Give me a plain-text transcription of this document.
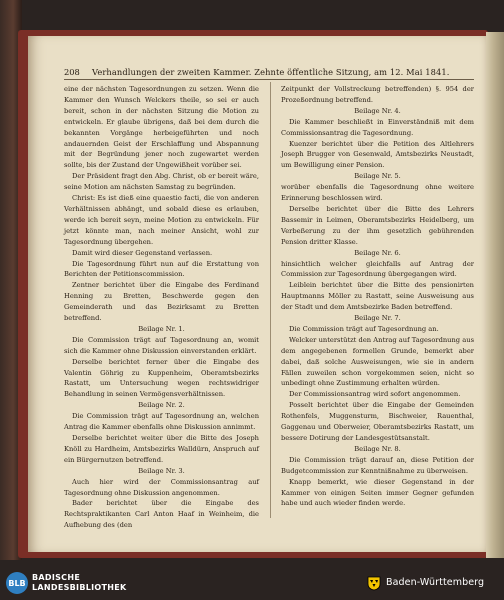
208 Verhandlungen der zweiten Kammer. Zehnte öffentliche Sitzung, am 12. Mai 1841.

eine der nächsten Tagesordnungen zu setzen. Wenn die Kammer den Wunsch Welckers theile, so sei er auch bereit, schon in der nächsten Sitzung die Motion zu entwickeln. Er glaube übrigens, daß bei dem durch die bekannten Vorgänge herbeigeführten und noch andauernden Geist der Erschlaffung und Abspannung mit der Begründung jener noch zugewartet werden sollte, bis der Zustand der Ungewißheit vorüber sei.

Der Präsident fragt den Abg. Christ, ob er bereit wäre, seine Motion am nächsten Samstag zu begründen.

Christ: Es ist dieß eine quaestio facti, die von anderen Verhältnissen abhängt, und sobald diese es erlauben, werde ich bereit seyn, meine Motion zu entwickeln. Für jetzt könnte man, nach meiner Ansicht, wohl zur Tagesordnung übergehen.

Damit wird dieser Gegenstand verlassen.

Die Tagesordnung führt nun auf die Erstattung von Berichten der Petitionscommission.

Zentner berichtet über die Eingabe des Ferdinand Henning zu Bretten, Beschwerde gegen den Gemeinderath und das Bezirksamt zu Bretten betreffend.

Beilage Nr. 1.

Die Commission trägt auf Tagesordnung an, womit sich die Kammer ohne Diskussion einverstanden erklärt.

Derselbe berichtet ferner über die Eingabe des Valentin Göhrig zu Kuppenheim, Oberamtsbezirks Rastatt, um Untersuchung wegen rechtswidriger Behandlung in seinen Vermögensverhältnissen.

Beilage Nr. 2.

Die Commission trägt auf Tagesordnung an, welchen Antrag die Kammer ebenfalls ohne Diskussion annimmt.

Derselbe berichtet weiter über die Bitte des Joseph Knöll zu Hardheim, Amtsbezirks Walldürn, Anspruch auf ein Bürgernutzen betreffend.

Beilage Nr. 3.

Auch hier wird der Commissionsantrag auf Tagesordnung ohne Diskussion angenommen.

Bader berichtet über die Eingabe des Rechtspraktikanten Carl Anton Haaf in Weinheim, die Aufhebung des (den

Zeitpunkt der Vollstreckung betreffenden) §. 954 der Prozeßordnung betreffend.

Beilage Nr. 4.

Die Kammer beschließt in Einverständniß mit dem Commissionsantrag die Tagesordnung.

Kuenzer berichtet über die Petition des Altlehrers Joseph Brugger von Gesenwald, Amtsbezirks Neustadt, um Bewilligung einer Pension.

Beilage Nr. 5.

worüber ebenfalls die Tagesordnung ohne weitere Erinnerung beschlossen wird.

Derselbe berichtet über die Bitte des Lehrers Bassemir in Leimen, Oberamtsbezirks Heidelberg, um Verbeßerung zu der ihm gesetzlich gebührenden Pension dritter Klasse.

Beilage Nr. 6.

hinsichtlich welcher gleichfalls auf Antrag der Commission zur Tagesordnung übergegangen wird.

Leiblein berichtet über die Bitte des pensionirten Hauptmanns Möller zu Rastatt, seine Ausweisung aus der Stadt und dem Amtsbezirke Baden betreffend.

Beilage Nr. 7.

Die Commission trägt auf Tagesordnung an.

Welcker unterstützt den Antrag auf Tagesordnung aus dem angegebenen formellen Grunde, bemerkt aber dabei, daß solche Ausweisungen, wie sie in andern Fällen zuweilen schon vorgekommen seien, nicht so unbedingt ohne Zustimmung erhalten würden.

Der Commissionsantrag wird sofort angenommen.

Posselt berichtet über die Eingabe der Gemeinden Rothenfels, Muggensturm, Bischweier, Rauenthal, Gaggenau und Oberweier, Oberamtsbezirks Rastatt, um bessere Dotirung der Landesgestütsanstalt.

Beilage Nr. 8.

Die Commission trägt darauf an, diese Petition der Budgetcommission zur Kenntnißnahme zu überweisen.

Knapp bemerkt, wie dieser Gegenstand in der Kammer von einigen Seiten immer Gegner gefunden habe und auch wieder finden werde.

BLB
BADISCHE
LANDESBIBLIOTHEK	Baden-Württemberg
